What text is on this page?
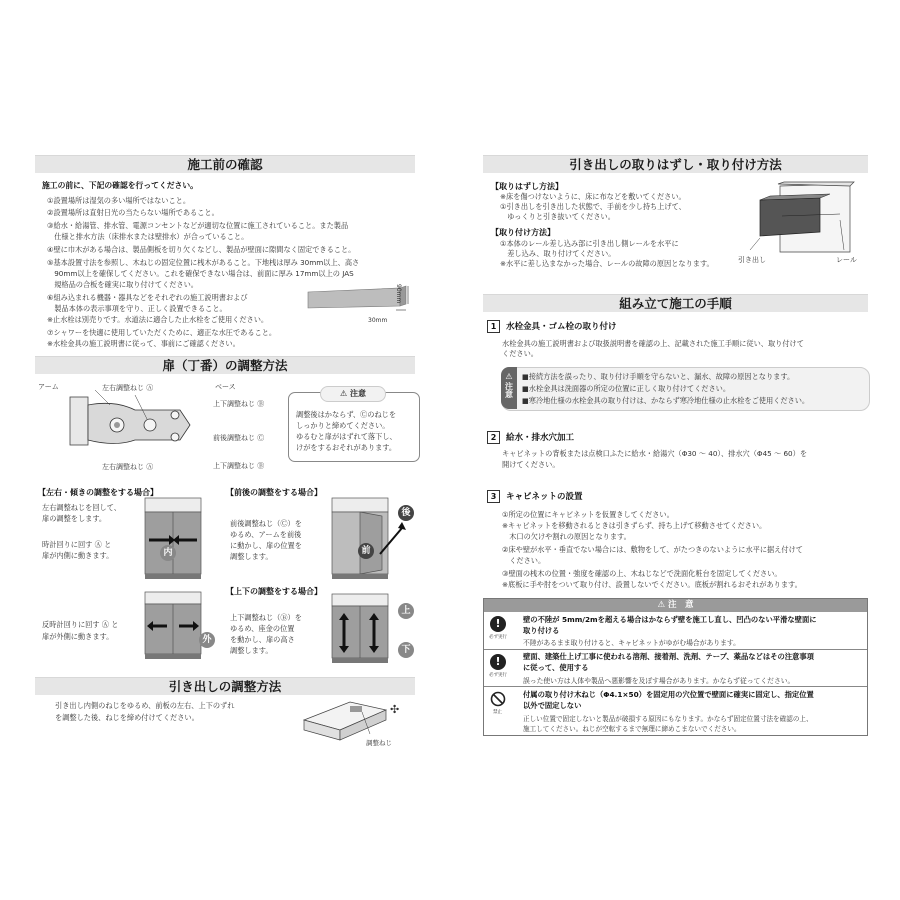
施工前の確認
施工の前に、下記の確認を行ってください。
①設置場所は湿気の多い場所ではないこと。
②設置場所は直射日光の当たらない場所であること。
③給水・給湯管、排水管、電源コンセントなどが適切な位置に施工されていること。また製品
　仕様と排水方法（床排水または壁排水）が合っていること。
④壁に巾木がある場合は、製品側板を切り欠くなどし、製品が壁面に隙間なく固定できること。
⑤基本設置寸法を参照し、木ねじの固定位置に桟木があること。下地桟は厚み 30mm以上、高さ
　90mm以上を確保してください。これを確保できない場合は、前面に厚み 17mm以上の JAS
　規格品の合板を確実に取り付けてください。
⑥組み込まれる機器・器具などをそれぞれの施工説明書および
　製品本体の表示事項を守り、正しく設置できること。
※止水栓は別売りです。水道法に適合した止水栓をご使用ください。
⑦シャワーを快適に使用していただくために、適正な水圧であること。
※水栓金具の施工説明書に従って、事前にご確認ください。
90mm
30mm
扉（丁番）の調整方法
アーム	左右調整ねじ Ⓐ	ベース
上下調整ねじ Ⓑ
前後調整ねじ Ⓒ
左右調整ねじ Ⓐ	上下調整ねじ Ⓑ
⚠ 注意
調整後はかならず、Ⓒのねじを
しっかりと締めてください。
ゆるむと扉がはずれて落下し、
けがをするおそれがあります。
【左右・傾きの調整をする場合】
左右調整ねじを回して、
扉の調整をします。
時計回りに回す Ⓐ と
扉が内側に動きます。	内
反時計回りに回す Ⓐ と
扉が外側に動きます。	外
【前後の調整をする場合】
前後調整ねじ（Ⓒ）を
ゆるめ、アームを前後
に動かし、扉の位置を
調整します。
後
前
【上下の調整をする場合】
上下調整ねじ（Ⓑ）を
ゆるめ、座金の位置
を動かし、扉の高さ
調整します。
上
下
引き出しの調整方法
引き出し内側のねじをゆるめ、前板の左右、上下のずれ
を調整した後、ねじを締め付けてください。
✣
調整ねじ
引き出しの取りはずし・取り付け方法
【取りはずし方法】
※床を傷つけないように、床に布などを敷いてください。
①引き出しを引き出した状態で、手前を少し持ち上げて、
　ゆっくりと引き抜いてください。
【取り付け方法】
①本体のレール差し込み部に引き出し側レールを水平に
　差し込み、取り付けてください。
※水平に差し込まなかった場合、レールの故障の原因となります。	引き出し	レール
組み立て施工の手順
1 水栓金具・ゴム栓の取り付け
水栓金具の施工説明書および取扱説明書を確認の上、記載された施工手順に従い、取り付けて
ください。
⚠
注意
■接続方法を誤ったり、取り付け手順を守らないと、漏水、故障の原因となります。
■水栓金具は洗面器の所定の位置に正しく取り付けてください。
■寒冷地仕様の水栓金具の取り付けは、かならず寒冷地仕様の止水栓をご使用ください。
2 給水・排水穴加工
キャビネットの背板または点検口ふたに給水・給湯穴（Φ30 ～ 40）、排水穴（Φ45 ～ 60）を
開けてください。
3 キャビネットの設置
①所定の位置にキャビネットを仮置きしてください。
※キャビネットを移動されるときは引きずらず、持ち上げて移動させてください。
　木口の欠けや割れの原因となります。
②床や壁が水平・垂直でない場合には、敷物をして、がたつきのないように水平に据え付けて
　ください。
③壁面の桟木の位置・強度を確認の上、木ねじなどで洗面化粧台を固定してください。
※底板に手や肘をついて取り付け、設置しないでください。底板が割れるおそれがあります。
⚠ 注　意
!
必ず実行
壁の不陸が 5mm/2mを超える場合はかならず壁を施工し直し、凹凸のない平滑な壁面に
取り付ける
不陸があるまま取り付けると、キャビネットがゆがむ場合があります。
!
必ず実行
壁面、建築仕上げ工事に使われる溶剤、接着剤、洗剤、テープ、薬品などはその注意事項
に従って、使用する
誤った使い方は人体や製品へ悪影響を及ぼす場合があります。かならず従ってください。
禁止
付属の取り付け木ねじ（Φ4.1×50）を固定用の穴位置で壁面に確実に固定し、指定位置
以外で固定しない
正しい位置で固定しないと製品が破損する原因にもなります。かならず固定位置寸法を確認の上、
施工してください。ねじが空転するまで無理に締めこまないでください。
